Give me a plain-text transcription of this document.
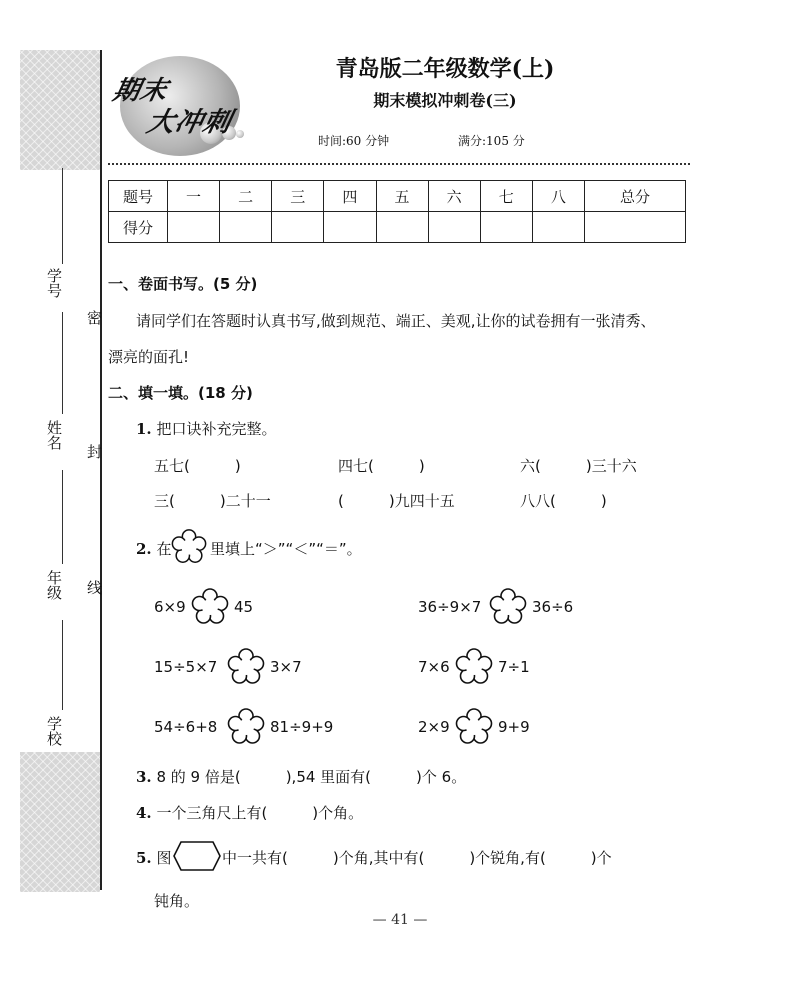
学号
姓名
年级
学校
密
封
线
期末
大冲刺
青岛版二年级数学(上)
期末模拟冲刺卷(三)
时间:60 分钟	满分:105 分
题号	一	二	三	四	五	六	七	八	总分
得分									
一、卷面书写。(5 分)
请同学们在答题时认真书写,做到规范、端正、美观,让你的试卷拥有一张清秀、
漂亮的面孔!
二、填一填。(18 分)
1. 把口诀补充完整。
五七(　　　)	四七(　　　)	六(　　　)三十六
三(　　　)二十一	(　　　)九四十五	八八(　　　)
2. 在	里填上“＞”“＜”“＝”。
6×9	45	36÷9×7	36÷6
15÷5×7	3×7	7×6	7÷1
54÷6+8	81÷9+9	2×9	9+9
3. 8 的 9 倍是(　　　),54 里面有(　　　)个 6。
4. 一个三角尺上有(　　　)个角。
5. 图	中一共有(　　　)个角,其中有(　　　)个锐角,有(　　　)个
钝角。
— 41 —
